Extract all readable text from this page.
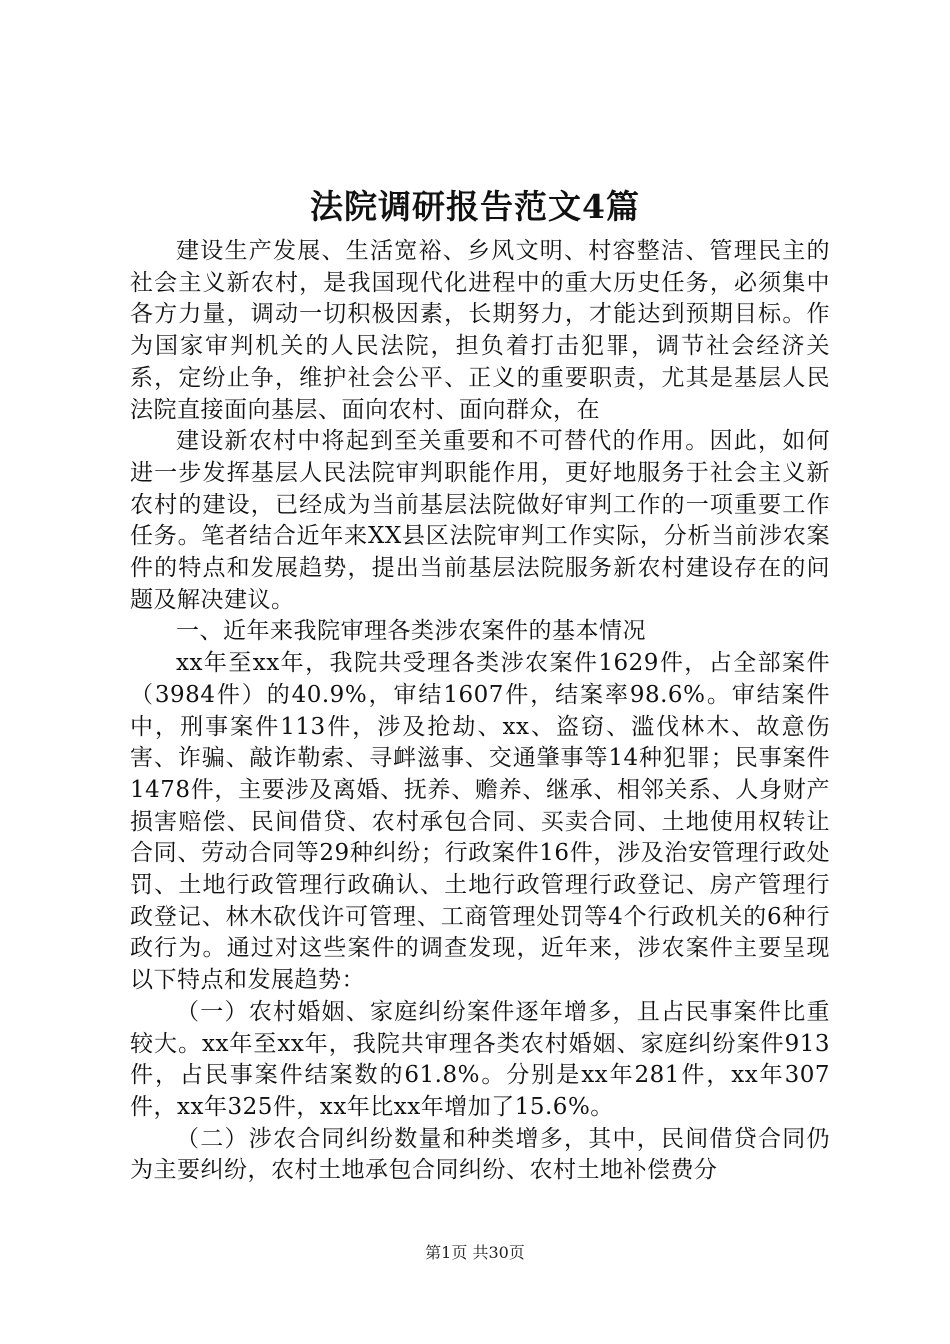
法院调研报告范文4篇

建设生产发展、生活宽裕、乡风文明、村容整洁、管理民主的社会主义新农村，是我国现代化进程中的重大历史任务，必须集中各方力量，调动一切积极因素，长期努力，才能达到预期目标。作为国家审判机关的人民法院，担负着打击犯罪，调节社会经济关系，定纷止争，维护社会公平、正义的重要职责，尤其是基层人民法院直接面向基层、面向农村、面向群众，在

建设新农村中将起到至关重要和不可替代的作用。因此，如何进一步发挥基层人民法院审判职能作用，更好地服务于社会主义新农村的建设，已经成为当前基层法院做好审判工作的一项重要工作任务。笔者结合近年来XX县区法院审判工作实际，分析当前涉农案件的特点和发展趋势，提出当前基层法院服务新农村建设存在的问题及解决建议。

一、近年来我院审理各类涉农案件的基本情况

xx年至xx年，我院共受理各类涉农案件1629件，占全部案件（3984件）的40.9%，审结1607件，结案率98.6%。审结案件中，刑事案件113件，涉及抢劫、xx、盗窃、滥伐林木、故意伤害、诈骗、敲诈勒索、寻衅滋事、交通肇事等14种犯罪；民事案件1478件，主要涉及离婚、抚养、赡养、继承、相邻关系、人身财产损害赔偿、民间借贷、农村承包合同、买卖合同、土地使用权转让合同、劳动合同等29种纠纷；行政案件16件，涉及治安管理行政处罚、土地行政管理行政确认、土地行政管理行政登记、房产管理行政登记、林木砍伐许可管理、工商管理处罚等4个行政机关的6种行政行为。通过对这些案件的调查发现，近年来，涉农案件主要呈现以下特点和发展趋势：

（一）农村婚姻、家庭纠纷案件逐年增多，且占民事案件比重较大。xx年至xx年，我院共审理各类农村婚姻、家庭纠纷案件913件，占民事案件结案数的61.8%。分别是xx年281件，xx年307件，xx年325件，xx年比xx年增加了15.6%。

（二）涉农合同纠纷数量和种类增多，其中，民间借贷合同仍为主要纠纷，农村土地承包合同纠纷、农村土地补偿费分

第1页 共30页
